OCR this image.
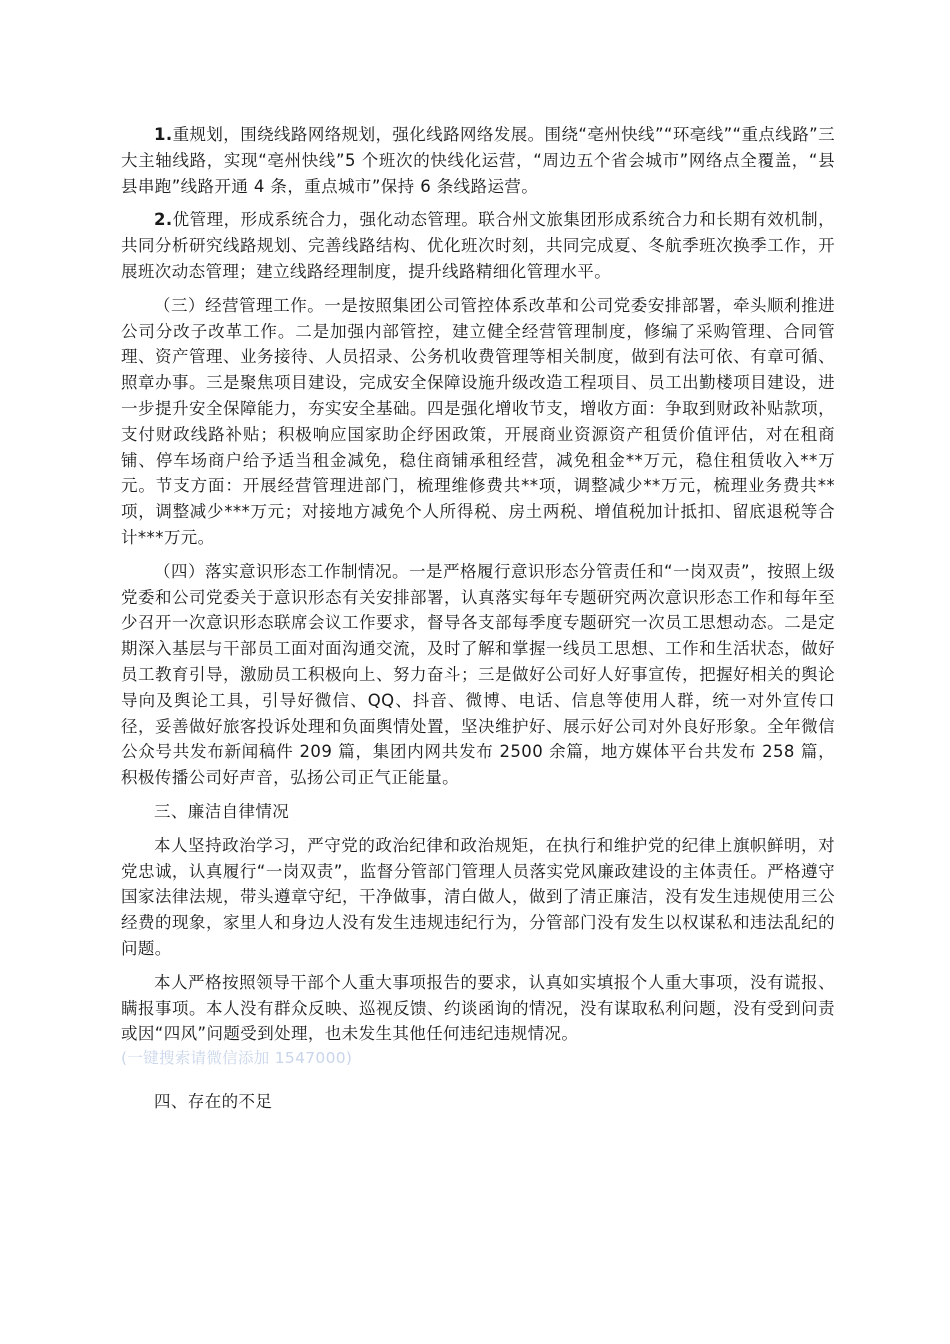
1.重规划，围绕线路网络规划，强化线路网络发展。围绕“亳州快线”“环亳线”“重点线路”三大主轴线路，实现“亳州快线”5 个班次的快线化运营，“周边五个省会城市”网络点全覆盖，“县县串跑”线路开通 4 条，重点城市”保持 6 条线路运营。

2.优管理，形成系统合力，强化动态管理。联合州文旅集团形成系统合力和长期有效机制，共同分析研究线路规划、完善线路结构、优化班次时刻，共同完成夏、冬航季班次换季工作，开展班次动态管理；建立线路经理制度，提升线路精细化管理水平。

（三）经营管理工作。一是按照集团公司管控体系改革和公司党委安排部署，牵头顺利推进公司分改子改革工作。二是加强内部管控，建立健全经营管理制度，修编了采购管理、合同管理、资产管理、业务接待、人员招录、公务机收费管理等相关制度，做到有法可依、有章可循、照章办事。三是聚焦项目建设，完成安全保障设施升级改造工程项目、员工出勤楼项目建设，进一步提升安全保障能力，夯实安全基础。四是强化增收节支，增收方面：争取到财政补贴款项，支付财政线路补贴；积极响应国家助企纾困政策，开展商业资源资产租赁价值评估，对在租商铺、停车场商户给予适当租金减免，稳住商铺承租经营，减免租金**万元，稳住租赁收入**万元。节支方面：开展经营管理进部门，梳理维修费共**项，调整减少**万元，梳理业务费共**项，调整减少***万元；对接地方减免个人所得税、房土两税、增值税加计抵扣、留底退税等合计***万元。

（四）落实意识形态工作制情况。一是严格履行意识形态分管责任和“一岗双责”，按照上级党委和公司党委关于意识形态有关安排部署，认真落实每年专题研究两次意识形态工作和每年至少召开一次意识形态联席会议工作要求，督导各支部每季度专题研究一次员工思想动态。二是定期深入基层与干部员工面对面沟通交流，及时了解和掌握一线员工思想、工作和生活状态，做好员工教育引导，激励员工积极向上、努力奋斗；三是做好公司好人好事宣传，把握好相关的舆论导向及舆论工具，引导好微信、QQ、抖音、微博、电话、信息等使用人群，统一对外宣传口径，妥善做好旅客投诉处理和负面舆情处置，坚决维护好、展示好公司对外良好形象。全年微信公众号共发布新闻稿件 209 篇，集团内网共发布 2500 余篇，地方媒体平台共发布 258 篇，积极传播公司好声音，弘扬公司正气正能量。

三、廉洁自律情况

本人坚持政治学习，严守党的政治纪律和政治规矩，在执行和维护党的纪律上旗帜鲜明，对党忠诚，认真履行“一岗双责”，监督分管部门管理人员落实党风廉政建设的主体责任。严格遵守国家法律法规，带头遵章守纪，干净做事，清白做人，做到了清正廉洁，没有发生违规使用三公经费的现象，家里人和身边人没有发生违规违纪行为，分管部门没有发生以权谋私和违法乱纪的问题。

本人严格按照领导干部个人重大事项报告的要求，认真如实填报个人重大事项，没有谎报、瞒报事项。本人没有群众反映、巡视反馈、约谈函询的情况，没有谋取私利问题，没有受到问责或因“四风”问题受到处理，也未发生其他任何违纪违规情况。

(一键搜索请微信添加 1547000)

四、存在的不足
